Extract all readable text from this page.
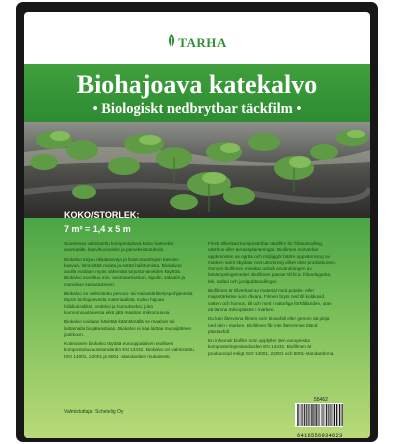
TARHA
Biohajoava katekalvo
• Biologiskt nedbrytbar täckfilm •
KOKO/STORLEK:
7 m² = 1,4 x 5 m

Suomessa valmistettu kompostoituva kalvo katteeksi avomaalle, kasvihuoneisiin ja parvekeistutuksiin.

Biokalvo torjuu rikkakasveja ja lisää istutettujen kasvien kasvua, lämmittää maata ja estää haihtumista. Biokalvon avulla voidaan myös vähentää torjunta-aineiden käyttöä. Biokalvo soveltuu mm. avomaankurkun, sipulin, salaatin ja mansikan kasvatukseen.

Biokalvo on valmistettu peruna- tai maissitärkkelyspohjaisesta täysin biohajoavasta materiaalista. Kalvo hajoaa hiilidioksidiksi, vedeksi ja humukseksi; joka luonnonsuolanessa eikä jätä maahan mikromuovia.

Biokalvo voidaan hävittää kääntämällä se maahan tai laittamalla biojäteastiaan. Biokalvo ei saa laittaa muovijätteen joukkoon.

Kotimainen biokalvo täyttää eurooppalaisen teollisen kompostoituvuusstandardin EN 13432. Biokalvo on valmistettu ISO 14001, 22001 ja 9001 -standardien mukaisesti.

Finsk tillverkad komposterbar täckfilm för frilandsodling, växthus eller terrassplanteringar. Biofilmen motverkar uppkomsten av ogräs och möjliggör bättre uppvärmning av marken samt skyddar mot uttorkning vilket ökar produktionen. Genom biofilmen minskar också användningen av bekämpningsmedel. Biofilmen passar till bl.a. frilandsgurka, lök, sallad och jordgubbsodlingar.

Biofilmen är tillverkad av material med potatis- eller majsstärkelse som råvara. Filmen bryts ned till koldioxid, vatten och humus, till och med i naturliga förhållanden, utan att lämna mikroplaster i marken.

Du kan återvinna filmen som bioavfall eller genom att plöja ned den i marken. Biofilmen får inte återvinnas bland plastavfall.

En inhemsk biofilm som uppfyller den europeiska komposteringsstandarden EN 13432. Biofilmen är producerad enligt ISO 14001, 22001 och 9001-standarderna.

Valmistuttaja: Schetelig Oy
55462
6416556934623
